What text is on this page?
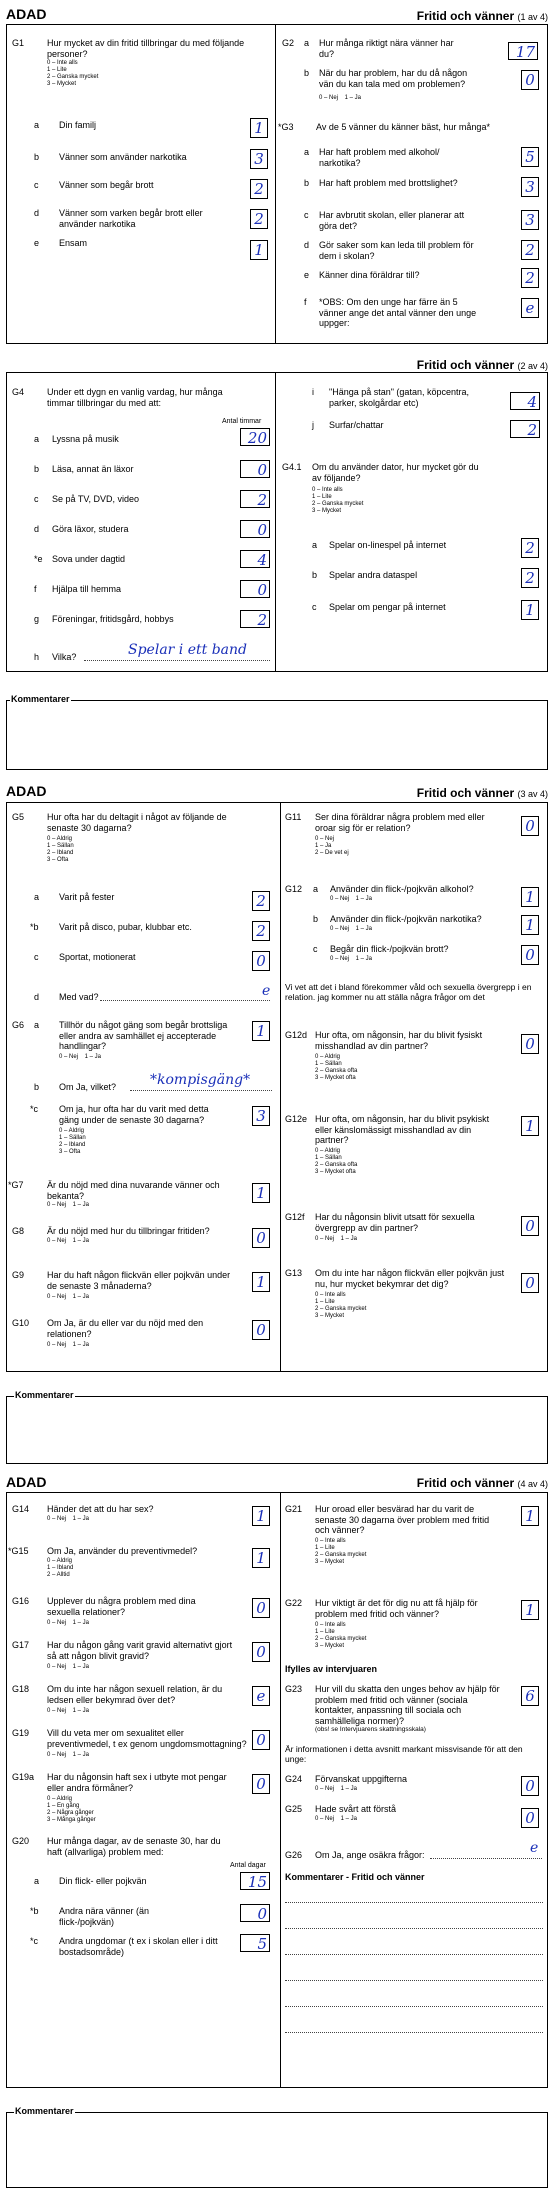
ADAD	Fritid och vänner (1 av 4)
G1	Hur mycket av din fritid tillbringar du med följande personer?
0 – Inte alls
1 – Lite
2 – Ganska mycket
3 – Mycket
a Din familj	1
b Vänner som använder narkotika	3
c Vänner som begår brott	2
d Vänner som varken begår brott eller använder narkotika	2
e Ensam	1
G2 a Hur många riktigt nära vänner har du?	17
b När du har problem, har du då någon vän du kan tala med om problemen?
0 – Nej    1 – Ja
0
*G3 Av de 5 vänner du känner bäst, hur många*
a Har haft problem med alkohol/ narkotika?	5
b Har haft problem med brottslighet?	3
c Har avbrutit skolan, eller planerar att göra det?	3
d Gör saker som kan leda till problem för dem i skolan?	2
e Känner dina föräldrar till?	2
f *OBS: Om den unge har färre än 5 vänner ange det antal vänner den unge uppger:
e
Fritid och vänner (2 av 4)
G4	Under ett dygn en vanlig vardag, hur många timmar tillbringar du med att:
Antal timmar
a Lyssna på musik	20
b Läsa, annat än läxor	0
c Se på TV, DVD, video	2
d Göra läxor, studera	0
*e Sova under dagtid	4
f Hjälpa till hemma	0
g Föreningar, fritidsgård, hobbys	2
h Vilka?	Spelar i ett band
i "Hänga på stan" (gatan, köpcentra, parker, skolgårdar etc)	4
j Surfar/chattar	2
G4.1 Om du använder dator, hur mycket gör du av följande?
0 – Inte alls
1 – Lite
2 – Ganska mycket
3 – Mycket
a Spelar on-linespel på internet	2
b Spelar andra dataspel	2
c Spelar om pengar på internet	1
Kommentarer
ADAD	Fritid och vänner (3 av 4)
G5	Hur ofta har du deltagit i något av följande de senaste 30 dagarna?
0 – Aldrig
1 – Sällan
2 – Ibland
3 – Ofta
a Varit på fester	2
*b Varit på disco, pubar, klubbar etc.	2
c Sportat, motionerat	0
d Med vad?	e
G6 a Tillhör du något gäng som begår brottsliga eller andra av samhället ej accepterade handlingar?
0 – Nej    1 – Ja
1
b Om Ja, vilket? *kompisgäng*
*c Om ja, hur ofta har du varit med detta gäng under de senaste 30 dagarna?
0 – Aldrig
1 – Sällan
2 – Ibland
3 – Ofta
3
*G7	Är du nöjd med dina nuvarande vänner och bekanta?
0 – Nej    1 – Ja
1
G8	Är du nöjd med hur du tillbringar fritiden?
0 – Nej    1 – Ja	0
G9	Har du haft någon flickvän eller pojkvän under de senaste 3 månaderna?
0 – Nej    1 – Ja
1
G10 Om Ja, är du eller var du nöjd med den relationen?
0 – Nej    1 – Ja
0
G11 Ser dina föräldrar några problem med eller oroar sig för er relation?
0 – Nej
1 – Ja
2 – De vet ej
0
G12 a Använder din flick-/pojkvän alkohol?
0 – Nej    1 – Ja	1
b Använder din flick-/pojkvän narkotika?
0 – Nej    1 – Ja	1
c Begår din flick-/pojkvän brott?
0 – Nej    1 – Ja	0
Vi vet att det i bland förekommer våld och sexuella övergrepp i en relation. jag kommer nu att ställa några frågor om det
G12d Hur ofta, om någonsin, har du blivit fysiskt misshandlad av din partner?
0 – Aldrig
1 – Sällan
2 – Ganska ofta
3 – Mycket ofta
0
G12e Hur ofta, om någonsin, har du blivit psykiskt eller känslomässigt misshandlad av din partner?
0 – Aldrig
1 – Sällan
2 – Ganska ofta
3 – Mycket ofta
1
G12f Har du någonsin blivit utsatt för sexuella övergrepp av din partner?
0 – Nej    1 – Ja
0
G13 Om du inte har någon flickvän eller pojkvän just nu, hur mycket bekymrar det dig?
0 – Inte alls
1 – Lite
2 – Ganska mycket
3 – Mycket
0
Kommentarer
ADAD	Fritid och vänner (4 av 4)
G14 Händer det att du har sex?
0 – Nej    1 – Ja	1
*G15 Om Ja, använder du preventivmedel?
0 – Aldrig
1 – Ibland
2 – Alltid
1
G16 Upplever du några problem med dina sexuella relationer?
0 – Nej    1 – Ja
0
G17 Har du någon gång varit gravid alternativt gjort så att någon blivit gravid?
0 – Nej    1 – Ja
0
G18 Om du inte har någon sexuell relation, är du ledsen eller bekymrad över det?
0 – Nej    1 – Ja
e
G19 Vill du veta mer om sexualitet eller preventivmedel, t ex genom ungdomsmottagning?
0 – Nej    1 – Ja
0
G19a Har du någonsin haft sex i utbyte mot pengar eller andra förmåner?
0 – Aldrig
1 – En gång
2 – Några gånger
3 – Många gånger
0
G20 Hur många dagar, av de senaste 30, har du haft (allvarliga) problem med:
Antal dagar
a Din flick- eller pojkvän	15
*b Andra nära vänner (än flick-/pojkvän)	0
*c Andra ungdomar (t ex i skolan eller i ditt bostadsområde)	5
G21 Hur oroad eller besvärad har du varit de senaste 30 dagarna över problem med fritid och vänner?
0 – Inte alls
1 – Lite
2 – Ganska mycket
3 – Mycket
1
G22 Hur viktigt är det för dig nu att få hjälp för problem med fritid och vänner?
0 – Inte alls
1 – Lite
2 – Ganska mycket
3 – Mycket
1
Ifylles av intervjuaren
G23 Hur vill du skatta den unges behov av hjälp för problem med fritid och vänner (sociala kontakter, anpassning till sociala och samhälleliga normer)?
(obs! se Intervjuarens skattningsskala)
6
Är informationen i detta avsnitt markant missvisande för att den unge:
G24 Förvanskat uppgifterna
0 – Nej    1 – Ja	0
G25 Hade svårt att förstå
0 – Nej    1 – Ja	0
G26 Om Ja, ange osäkra frågor:	e
Kommentarer - Fritid och vänner
Kommentarer
